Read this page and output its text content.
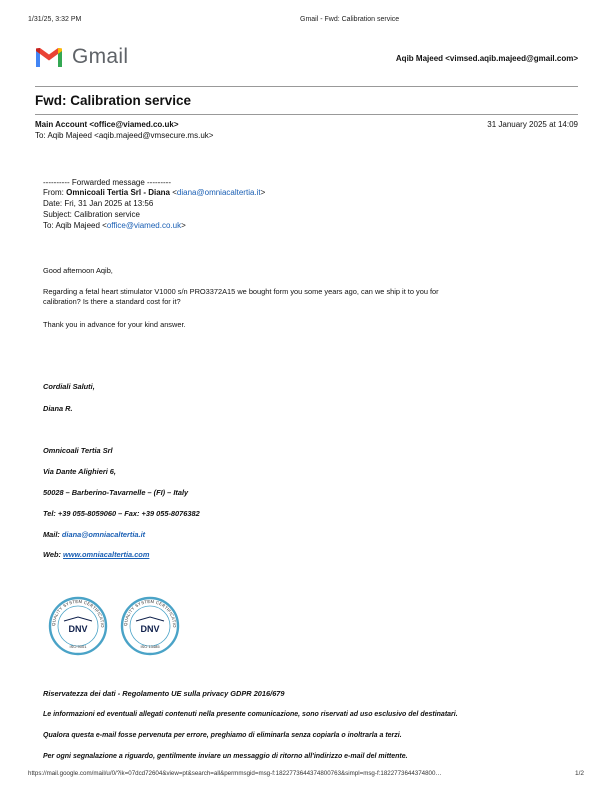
1/31/25, 3:32 PM	Gmail - Fwd: Calibration service
Gmail	Aqib Majeed <vimsed.aqib.majeed@gmail.com>
Fwd: Calibration service
Main Account <office@viamed.co.uk>	31 January 2025 at 14:09
To: Aqib Majeed <aqib.majeed@vmsecure.ms.uk>
---------- Forwarded message ---------
From: Omnicoali Tertia Srl - Diana <diana@omniacaltertia.it>
Date: Fri, 31 Jan 2025 at 13:56
Subject: Calibration service
To: Aqib Majeed <office@viamed.co.uk>
Good afternoon Aqib,
Regarding a fetal heart stimulator V1000 s/n PRO3372A15 we bought form you some years ago, can we ship it to you for
calibration? Is there a standard cost for it?
Thank you in advance for your kind answer.
Cordiali Saluti,
Diana R.
Omnicoali Tertia Srl
Via Dante Alighieri 6,
50028 – Barberino-Tavarnelle – (FI) – Italy
Tel: +39 055-8059060 – Fax: +39 055-8076382
Mail: diana@omniacaltertia.it
Web: www.omniacaltertia.com
QUALITY SYSTEM CERTIFICATIO
DNV
ISO 9001
QUALITY SYSTEM CERTIFICATIO
DNV
ISO 13485
Riservatezza dei dati - Regolamento UE sulla privacy GDPR 2016/679
Le informazioni ed eventuali allegati contenuti nella presente comunicazione, sono riservati ad uso esclusivo del destinatari.
Qualora questa e-mail fosse pervenuta per errore, preghiamo di eliminarla senza copiarla o inoltrarla a terzi.
Per ogni segnalazione a riguardo, gentilmente inviare un messaggio di ritorno all'indirizzo e-mail del mittente.
https://mail.google.com/mail/u/0/?ik=07dcd72604&view=pt&search=all&permmsgid=msg-f:1822773644374800763&simpl=msg-f:1822773644374800…	1/2
